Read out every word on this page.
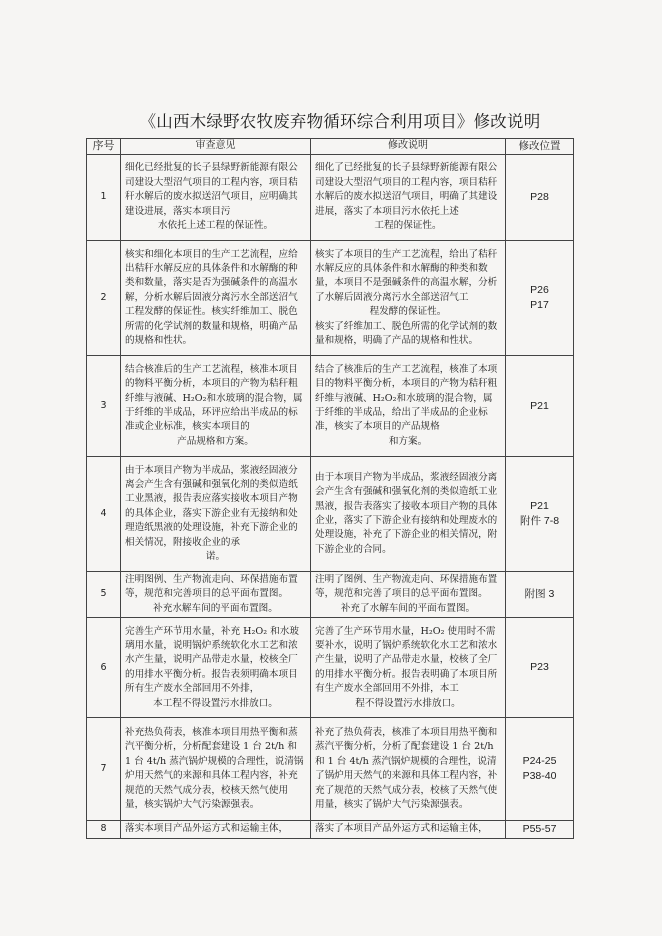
《山西木绿野农牧废弃物循环综合利用项目》修改说明
序号	审查意见	修改说明	修改位置
1	细化已经批复的长子县绿野新能源有限公司建设大型沼气项目的工程内容，项目秸秆水解后的废水拟送沼气项目，应明确其建设进展，落实本项目污
水依托上述工程的保证性。	细化了已经批复的长子县绿野新能源有限公司建设大型沼气项目的工程内容，项目秸秆水解后的废水拟送沼气项目，明确了其建设进展，落实了本项目污水依托上述
工程的保证性。	P28

2	核实和细化本项目的生产工艺流程，应给出秸秆水解反应的具体条件和水解酶的种类和数量，落实是否为强碱条件的高温水解，分析水解后固液分离污水全部送沼气工程发酵的保证性。核实纤维加工、脱色所需的化学试剂的数量和规格，明确产品的规格和性状。	核实了本项目的生产工艺流程，给出了秸秆水解反应的具体条件和水解酶的种类和数量，本项目不是强碱条件的高温水解，分析了水解后固液分离污水全部送沼气工
程发酵的保证性。
核实了纤维加工、脱色所需的化学试剂的数量和规格，明确了产品的规格和性状。	P26
P17

3	结合核准后的生产工艺流程，核准本项目的物料平衡分析，本项目的产物为秸秆粗纤维与液碱、H₂O₂和水玻璃的混合物，属于纤维的半成品，环评应给出半成品的标准或企业标准，核实本项目的
产品规格和方案。	结合了核准后的生产工艺流程，核准了本项目的物料平衡分析，本项目的产物为秸秆粗纤维与液碱、H₂O₂和水玻璃的混合物，属于纤维的半成品，给出了半成品的企业标准，核实了本项目的产品规格
和方案。	P21

4	由于本项目产物为半成品，浆液经固液分离会产生含有强碱和强氧化剂的类似造纸工业黑液，报告表应落实接收本项目产物的具体企业，落实下游企业有无接纳和处理造纸黑液的处理设施，补充下游企业的相关情况，附接收企业的承
诺。	由于本项目产物为半成品，浆液经固液分离会产生含有强碱和强氧化剂的类似造纸工业黑液，报告表落实了接收本项目产物的具体企业，落实了下游企业有接纳和处理废水的处理设施，补充了下游企业的相关情况，附下游企业的合同。	P21
附件 7-8

5	注明图例、生产物流走向、环保措施布置等，规范和完善项目的总平面布置图。
补充水解车间的平面布置图。	注明了图例、生产物流走向、环保措施布置等，规范和完善了项目的总平面布置图。
补充了水解车间的平面布置图。	附图 3

6	完善生产环节用水量，补充 H₂O₂ 和水玻璃用水量，说明锅炉系统软化水工艺和浓水产生量，说明产品带走水量，校核全厂的用排水平衡分析。报告表须明确本项目所有生产废水全部回用不外排，
本工程不得设置污水排放口。	完善了生产环节用水量，H₂O₂ 使用时不需要补水，说明了锅炉系统软化水工艺和浓水产生量，说明了产品带走水量，校核了全厂的用排水平衡分析。报告表明确了本项目所有生产废水全部回用不外排，本工
程不得设置污水排放口。	P23

7	补充热负荷表，核准本项目用热平衡和蒸汽平衡分析，分析配套建设 1 台 2t/h 和 1 台 4t/h 蒸汽锅炉规模的合理性，说清锅炉用天然气的来源和具体工程内容，补充规范的天然气成分表，校核天然气使用量，核实锅炉大气污染源强表。	补充了热负荷表，核准了本项目用热平衡和蒸汽平衡分析，分析了配套建设 1 台 2t/h 和 1 台 4t/h 蒸汽锅炉规模的合理性，说清了锅炉用天然气的来源和具体工程内容，补充了规范的天然气成分表，校核了天然气使用量，核实了锅炉大气污染源强表。	P24-25
P38-40

8	落实本项目产品外运方式和运输主体，	落实了本项目产品外运方式和运输主体，	P55-57
